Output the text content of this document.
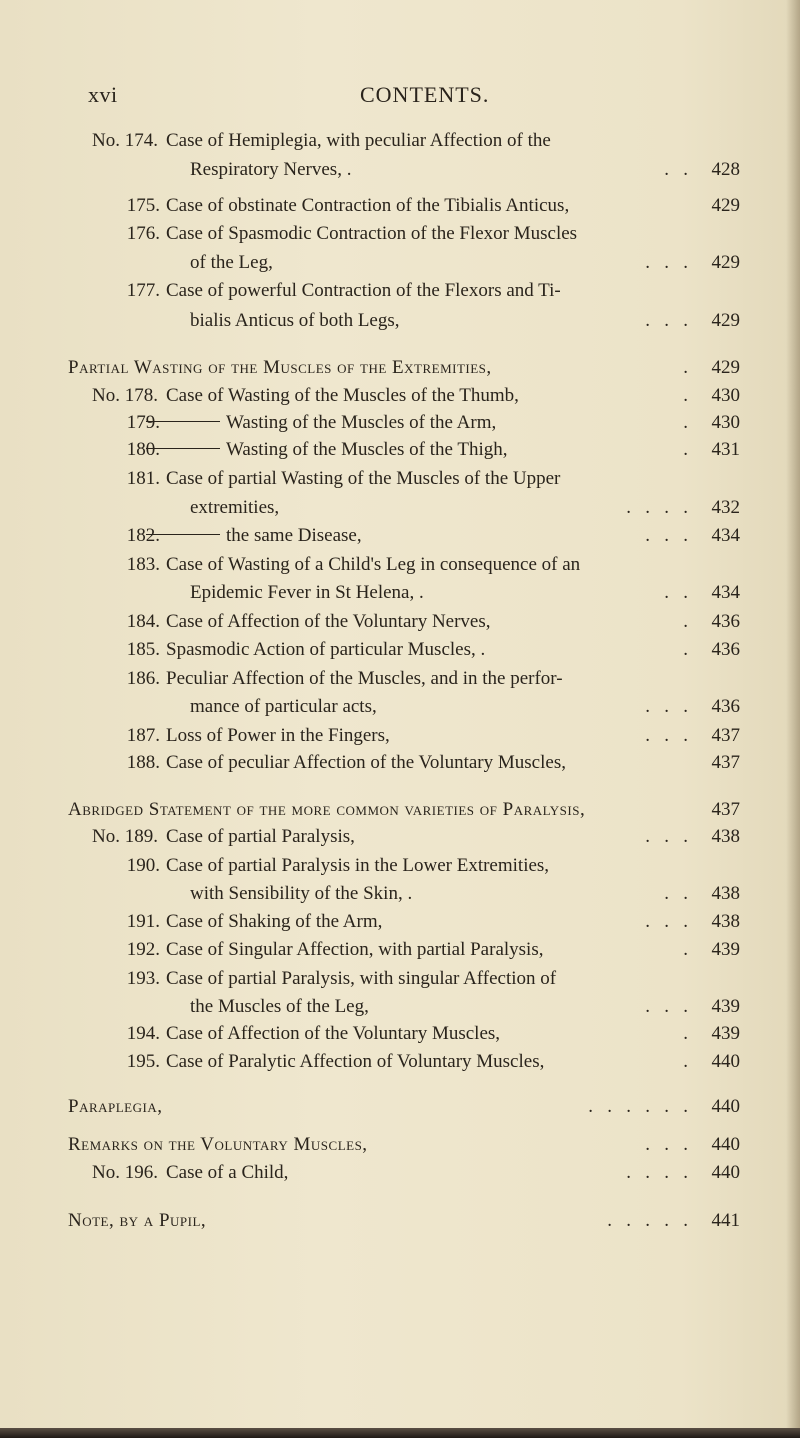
xvi	CONTENTS.
No. 174. Case of Hemiplegia, with peculiar Affection of the
Respiratory Nerves, .	.   .	428
175. Case of obstinate Contraction of the Tibialis Anticus,	429
176. Case of Spasmodic Contraction of the Flexor Muscles
of the Leg,	.   .   .	429
177. Case of powerful Contraction of the Flexors and Ti-
bialis Anticus of both Legs,	.   .   .	429
Partial Wasting of the Muscles of the Extremities,	.	429
No. 178. Case of Wasting of the Muscles of the Thumb,	.	430
179.	Wasting of the Muscles of the Arm,	.	430
180.	Wasting of the Muscles of the Thigh,	.	431
181. Case of partial Wasting of the Muscles of the Upper
extremities,	.   .   .   .	432
182.	the same Disease,	.   .   .	434
183. Case of Wasting of a Child's Leg in consequence of an
Epidemic Fever in St Helena, .	.   .	434
184. Case of Affection of the Voluntary Nerves,	.	436
185. Spasmodic Action of particular Muscles, .	.	436
186. Peculiar Affection of the Muscles, and in the perfor-
mance of particular acts,	.   .   .	436
187. Loss of Power in the Fingers,	.   .   .	437
188. Case of peculiar Affection of the Voluntary Muscles,	437
Abridged Statement of the more common varieties of Paralysis,	437
No. 189. Case of partial Paralysis,	.   .   .	438
190. Case of partial Paralysis in the Lower Extremities,
with Sensibility of the Skin, .	.   .	438
191. Case of Shaking of the Arm,	.   .   .	438
192. Case of Singular Affection, with partial Paralysis,	.	439
193. Case of partial Paralysis, with singular Affection of
the Muscles of the Leg,	.   .   .	439
194. Case of Affection of the Voluntary Muscles,	.	439
195. Case of Paralytic Affection of Voluntary Muscles,	.	440
Paraplegia,	.   .   .   .   .   .	440
Remarks on the Voluntary Muscles,	.   .   .	440
No. 196. Case of a Child,	.   .   .   .	440
Note, by a Pupil,	.   .   .   .   .	441
